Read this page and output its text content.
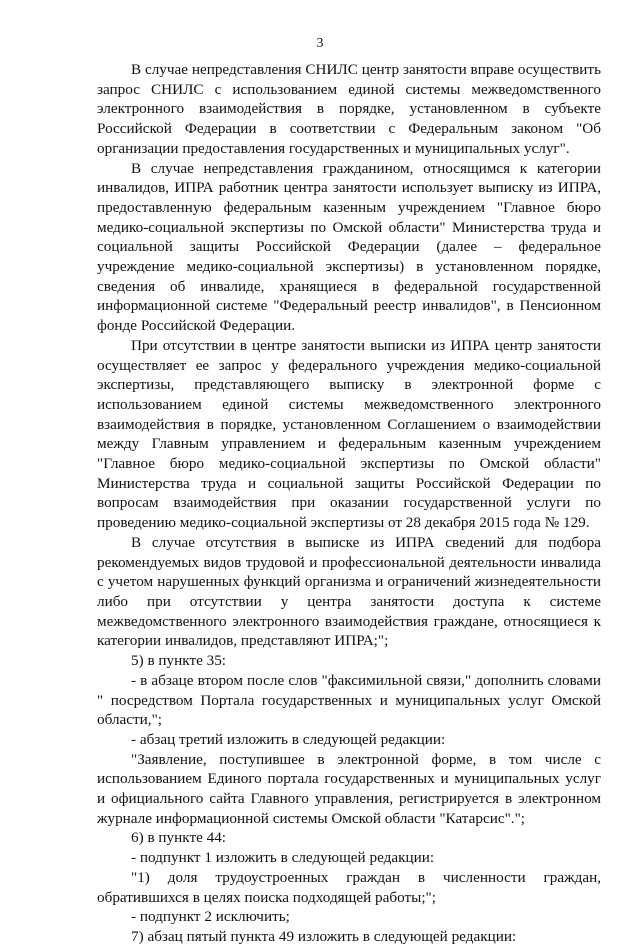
3

В случае непредставления СНИЛС центр занятости вправе осуществить запрос СНИЛС с использованием единой системы межведомственного электронного взаимодействия в порядке, установленном в субъекте Российской Федерации в соответствии с Федеральным законом "Об организации предоставления государственных и муниципальных услуг".

В случае непредставления гражданином, относящимся к категории инвалидов, ИПРА работник центра занятости использует выписку из ИПРА, предоставленную федеральным казенным учреждением "Главное бюро медико-социальной экспертизы по Омской области" Министерства труда и социальной защиты Российской Федерации (далее – федеральное учреждение медико-социальной экспертизы) в установленном порядке, сведения об инвалиде, хранящиеся в федеральной государственной информационной системе "Федеральный реестр инвалидов", в Пенсионном фонде Российской Федерации.

При отсутствии в центре занятости выписки из ИПРА центр занятости осуществляет ее запрос у федерального учреждения медико-социальной экспертизы, представляющего выписку в электронной форме с использованием единой системы межведомственного электронного взаимодействия в порядке, установленном Соглашением о взаимодействии между Главным управлением и федеральным казенным учреждением "Главное бюро медико-социальной экспертизы по Омской области" Министерства труда и социальной защиты Российской Федерации по вопросам взаимодействия при оказании государственной услуги по проведению медико-социальной экспертизы от 28 декабря 2015 года № 129.

В случае отсутствия в выписке из ИПРА сведений для подбора рекомендуемых видов трудовой и профессиональной деятельности инвалида с учетом нарушенных функций организма и ограничений жизнедеятельности либо при отсутствии у центра занятости доступа к системе межведомственного электронного взаимодействия граждане, относящиеся к категории инвалидов, представляют ИПРА;";

5) в пункте 35:

- в абзаце втором после слов "факсимильной связи," дополнить словами " посредством Портала государственных и муниципальных услуг Омской области,";

- абзац третий изложить в следующей редакции:

"Заявление, поступившее в электронной форме, в том числе с использованием Единого портала государственных и муниципальных услуг и официального сайта Главного управления, регистрируется в электронном журнале информационной системы Омской области "Катарсис".";

6) в пункте 44:

- подпункт 1 изложить в следующей редакции:

"1) доля трудоустроенных граждан в численности граждан, обратившихся в целях поиска подходящей работы;";

- подпункт 2 исключить;

7) абзац пятый пункта 49 изложить в следующей редакции:
